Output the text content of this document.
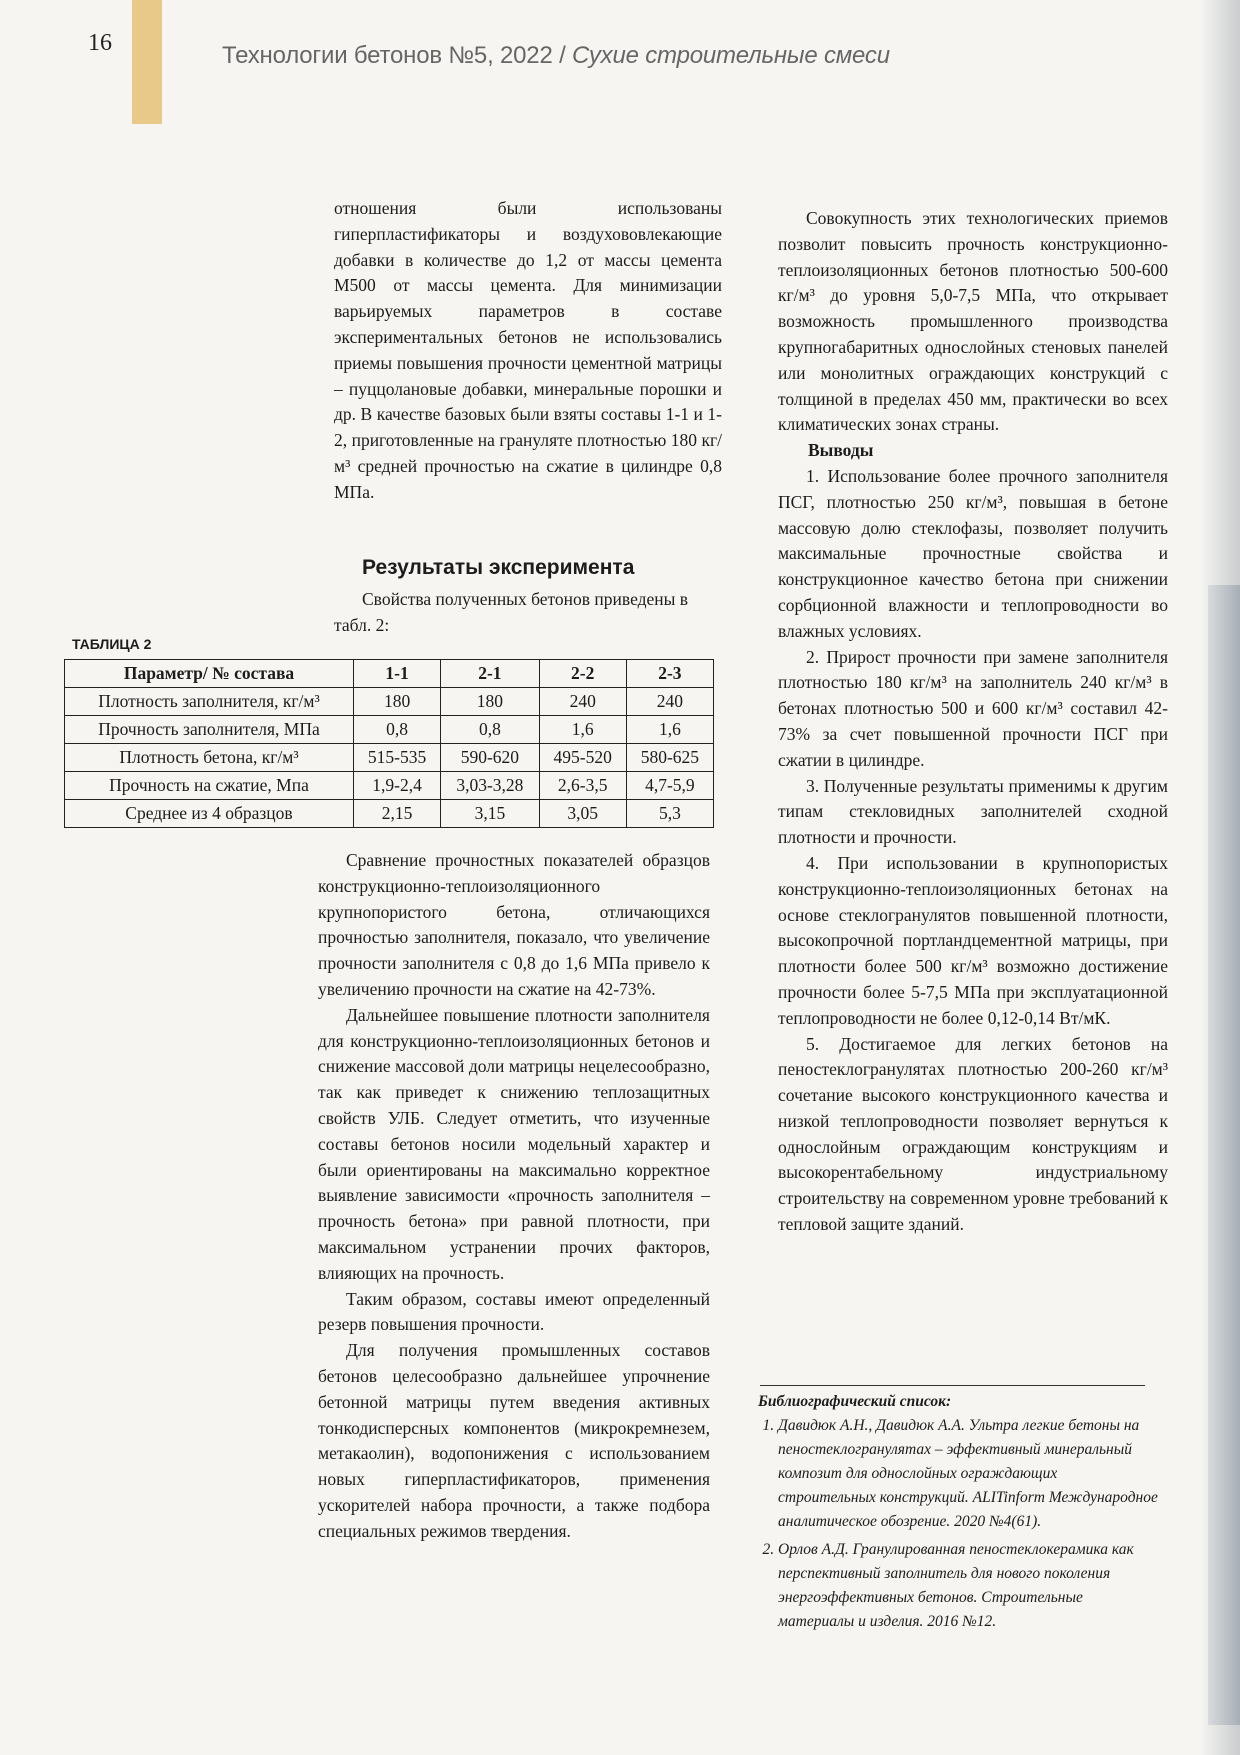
16	Технологии бетонов №5, 2022 / Сухие строительные смеси

отношения были использованы гиперпластификаторы и воздухововлекающие добавки в количестве до 1,2 от массы цемента М500 от массы цемента. Для минимизации варьируемых параметров в составе экспериментальных бетонов не использовались приемы повышения прочности цементной матрицы – пуццолановые добавки, минеральные порошки и др. В качестве базовых были взяты составы 1-1 и 1-2, приготовленные на гранулятe плотностью 180 кг/м³ средней прочностью на сжатие в цилиндре 0,8 МПа.

Результаты эксперимента

Свойства полученных бетонов приведены в табл. 2:

ТАБЛИЦА 2
Параметр/ № состава	1-1	2-1	2-2	2-3
Плотность заполнителя, кг/м³	180	180	240	240
Прочность заполнителя, МПа	0,8	0,8	1,6	1,6
Плотность бетона, кг/м³	515-535	590-620	495-520	580-625
Прочность на сжатие, Мпа	1,9-2,4	3,03-3,28	2,6-3,5	4,7-5,9
Среднее из 4 образцов	2,15	3,15	3,05	5,3

Сравнение прочностных показателей образцов конструкционно-теплоизоляционного крупнопористого бетона, отличающихся прочностью заполнителя, показало, что увеличение прочности заполнителя с 0,8 до 1,6 МПа привело к увеличению прочности на сжатие на 42-73%.

Дальнейшее повышение плотности заполнителя для конструкционно-теплоизоляционных бетонов и снижение массовой доли матрицы нецелесообразно, так как приведет к снижению теплозащитных свойств УЛБ. Следует отметить, что изученные составы бетонов носили модельный характер и были ориентированы на максимально корректное выявление зависимости «прочность заполнителя – прочность бетона» при равной плотности, при максимальном устранении прочих факторов, влияющих на прочность.

Таким образом, составы имеют определенный резерв повышения прочности.

Для получения промышленных составов бетонов целесообразно дальнейшее упрочнение бетонной матрицы путем введения активных тонкодисперсных компонентов (микрокремнезем, метакаолин), водопонижения с использованием новых гиперпластификаторов, применения ускорителей набора прочности, а также подбора специальных режимов твердения.

Совокупность этих технологических приемов позволит повысить прочность конструкционно-теплоизоляционных бетонов плотностью 500-600 кг/м³ до уровня 5,0-7,5 МПа, что открывает возможность промышленного производства крупногабаритных однослойных стеновых панелей или монолитных ограждающих конструкций с толщиной в пределах 450 мм, практически во всех климатических зонах страны.

Выводы

1. Использование более прочного заполнителя ПСГ, плотностью 250 кг/м³, повышая в бетоне массовую долю стеклофазы, позволяет получить максимальные прочностные свойства и конструкционное качество бетона при снижении сорбционной влажности и теплопроводности во влажных условиях.

2. Прирост прочности при замене заполнителя плотностью 180 кг/м³ на заполнитель 240 кг/м³ в бетонах плотностью 500 и 600 кг/м³ составил 42-73% за счет повышенной прочности ПСГ при сжатии в цилиндре.

3. Полученные результаты применимы к другим типам стекловидных заполнителей сходной плотности и прочности.

4. При использовании в крупнопористых конструкционно-теплоизоляционных бетонах на основе стеклогранулятов повышенной плотности, высокопрочной портландцементной матрицы, при плотности более 500 кг/м³ возможно достижение прочности более 5-7,5 МПа при эксплуатационной теплопроводности не более 0,12-0,14 Вт/мК.

5. Достигаемое для легких бетонов на пеностеклогранулятах плотностью 200-260 кг/м³ сочетание высокого конструкционного качества и низкой теплопроводности позволяет вернуться к однослойным ограждающим конструкциям и высокорентабельному индустриальному строительству на современном уровне требований к тепловой защите зданий.

Библиографический список:

1. Давидюк А.Н., Давидюк А.А. Ультра легкие бетоны на пеностеклогранулятах – эффективный минеральный композит для однослойных ограждающих строительных конструкций. ALITinform Международное аналитическое обозрение. 2020 №4(61).
2. Орлов А.Д. Гранулированная пеностеклокерамика как перспективный заполнитель для нового поколения энергоэффективных бетонов. Строительные материалы и изделия. 2016 №12.
